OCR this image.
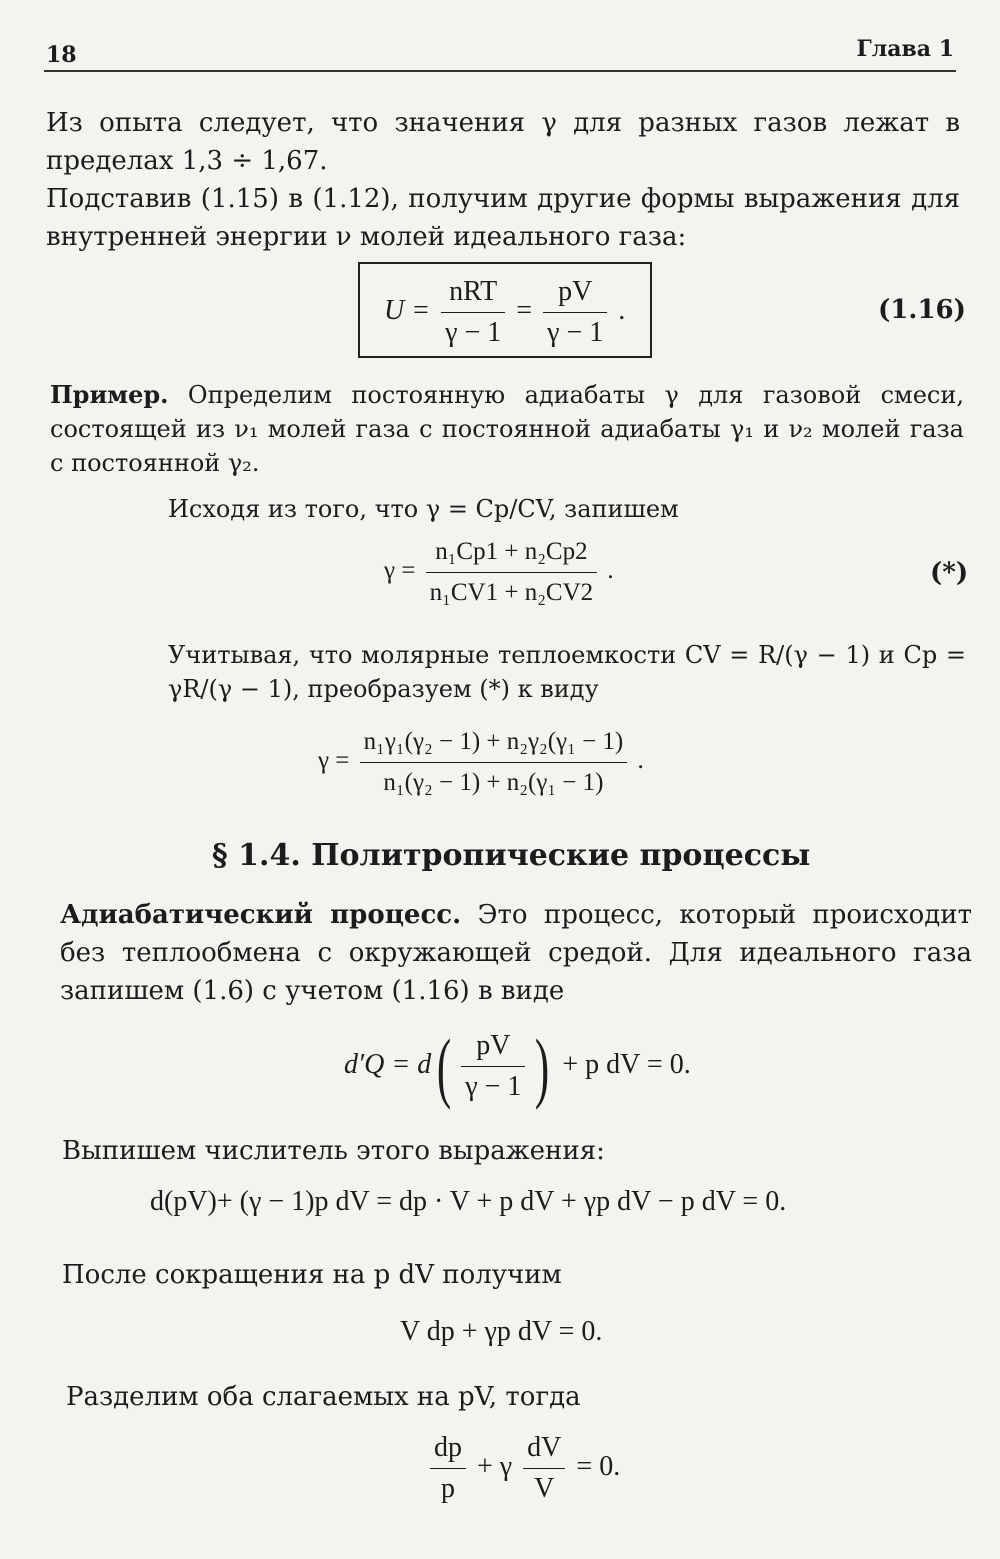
18	Глава 1

Из опыта следует, что значения γ для разных газов лежат в пределах 1,3 ÷ 1,67.

Подставив (1.15) в (1.12), получим другие формы выражения для внутренней энергии ν молей идеального газа:

$U = \frac{\text{nRT}}{\gamma - 1} = \frac{pV}{\gamma - 1}$ .	(1.16)

Пример. Определим постоянную адиабаты γ для газовой смеси, состоящей из ν₁ молей газа с постоянной адиабаты γ₁ и ν₂ молей газа с постоянной γ₂.

Исходя из того, что γ = Cp/CV, запишем

$\gamma = \frac{\text{n₁Cp1 + n₂Cp2}}{\text{n₁CV1 + n₂CV2}}$ .	(*)

Учитывая, что молярные теплоемкости CV = R/(γ − 1) и Cp = γR/(γ − 1), преобразуем (*) к виду

$\gamma = \frac{\text{n₁γ₁(γ₂ − 1) + n₂γ₂(γ₁ − 1)}}{\text{n₁(γ₂ − 1) + n₂(γ₁ − 1)}}$ .
§ 1.4. Политропические процессы

Адиабатический процесс. Это процесс, который происходит без теплообмена с окружающей средой. Для идеального газа запишем (1.6) с учетом (1.16) в виде

$d'Q = d( \frac{pV}{\gamma - 1}$ ) + p dV = 0.

Выпишем числитель этого выражения:

d(pV)+ (γ − 1)p dV = dp · V + p dV + γp dV − p dV = 0.

После сокращения на p dV получим

V dp + γp dV = 0.

Разделим оба слагаемых на pV, тогда

$\frac{dp}{p} + \gamma \frac{dV}{V} = 0$.
